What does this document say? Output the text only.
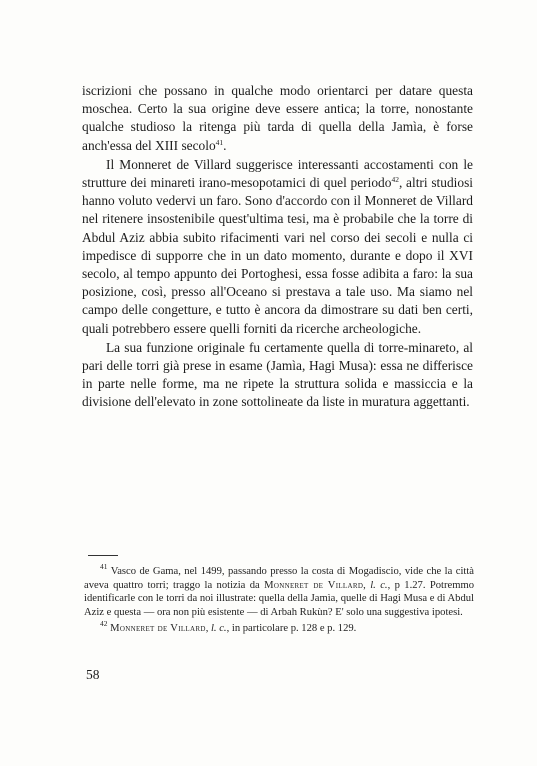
iscrizioni che possano in qualche modo orientarci per datare questa moschea. Certo la sua origine deve essere antica; la torre, nonostante qualche studioso la ritenga più tarda di quella della Jamìa, è forse anch'essa del XIII secolo$^{41}$.

Il Monneret de Villard suggerisce interessanti accostamenti con le strutture dei minareti irano-mesopotamici di quel periodo$^{42}$, altri studiosi hanno voluto vedervi un faro. Sono d'accordo con il Monneret de Villard nel ritenere insostenibile quest'ultima tesi, ma è probabile che la torre di Abdul Aziz abbia subito rifacimenti vari nel corso dei secoli e nulla ci impedisce di supporre che in un dato momento, durante e dopo il XVI secolo, al tempo appunto dei Portoghesi, essa fosse adibita a faro: la sua posizione, così, presso all'Oceano si prestava a tale uso. Ma siamo nel campo delle congetture, e tutto è ancora da dimostrare su dati ben certi, quali potrebbero essere quelli forniti da ricerche archeologiche.

La sua funzione originale fu certamente quella di torre-minareto, al pari delle torri già prese in esame (Jamìa, Hagi Musa): essa ne differisce in parte nelle forme, ma ne ripete la struttura solida e massiccia e la divisione dell'elevato in zone sottolineate da liste in muratura aggettanti.

$^{41}$ Vasco de Gama, nel 1499, passando presso la costa di Mogadiscio, vide che la città aveva quattro torri; traggo la notizia da Monneret de Villard, l. c., p 1.27. Potremmo identificarle con le torri da noi illustrate: quella della Jamìa, quelle di Hagi Musa e di Abdul Aziz e questa — ora non più esistente — di Arbah Rukùn? E' solo una suggestiva ipotesi.

$^{42}$ Monneret de Villard, l. c., in particolare p. 128 e p. 129.

58
